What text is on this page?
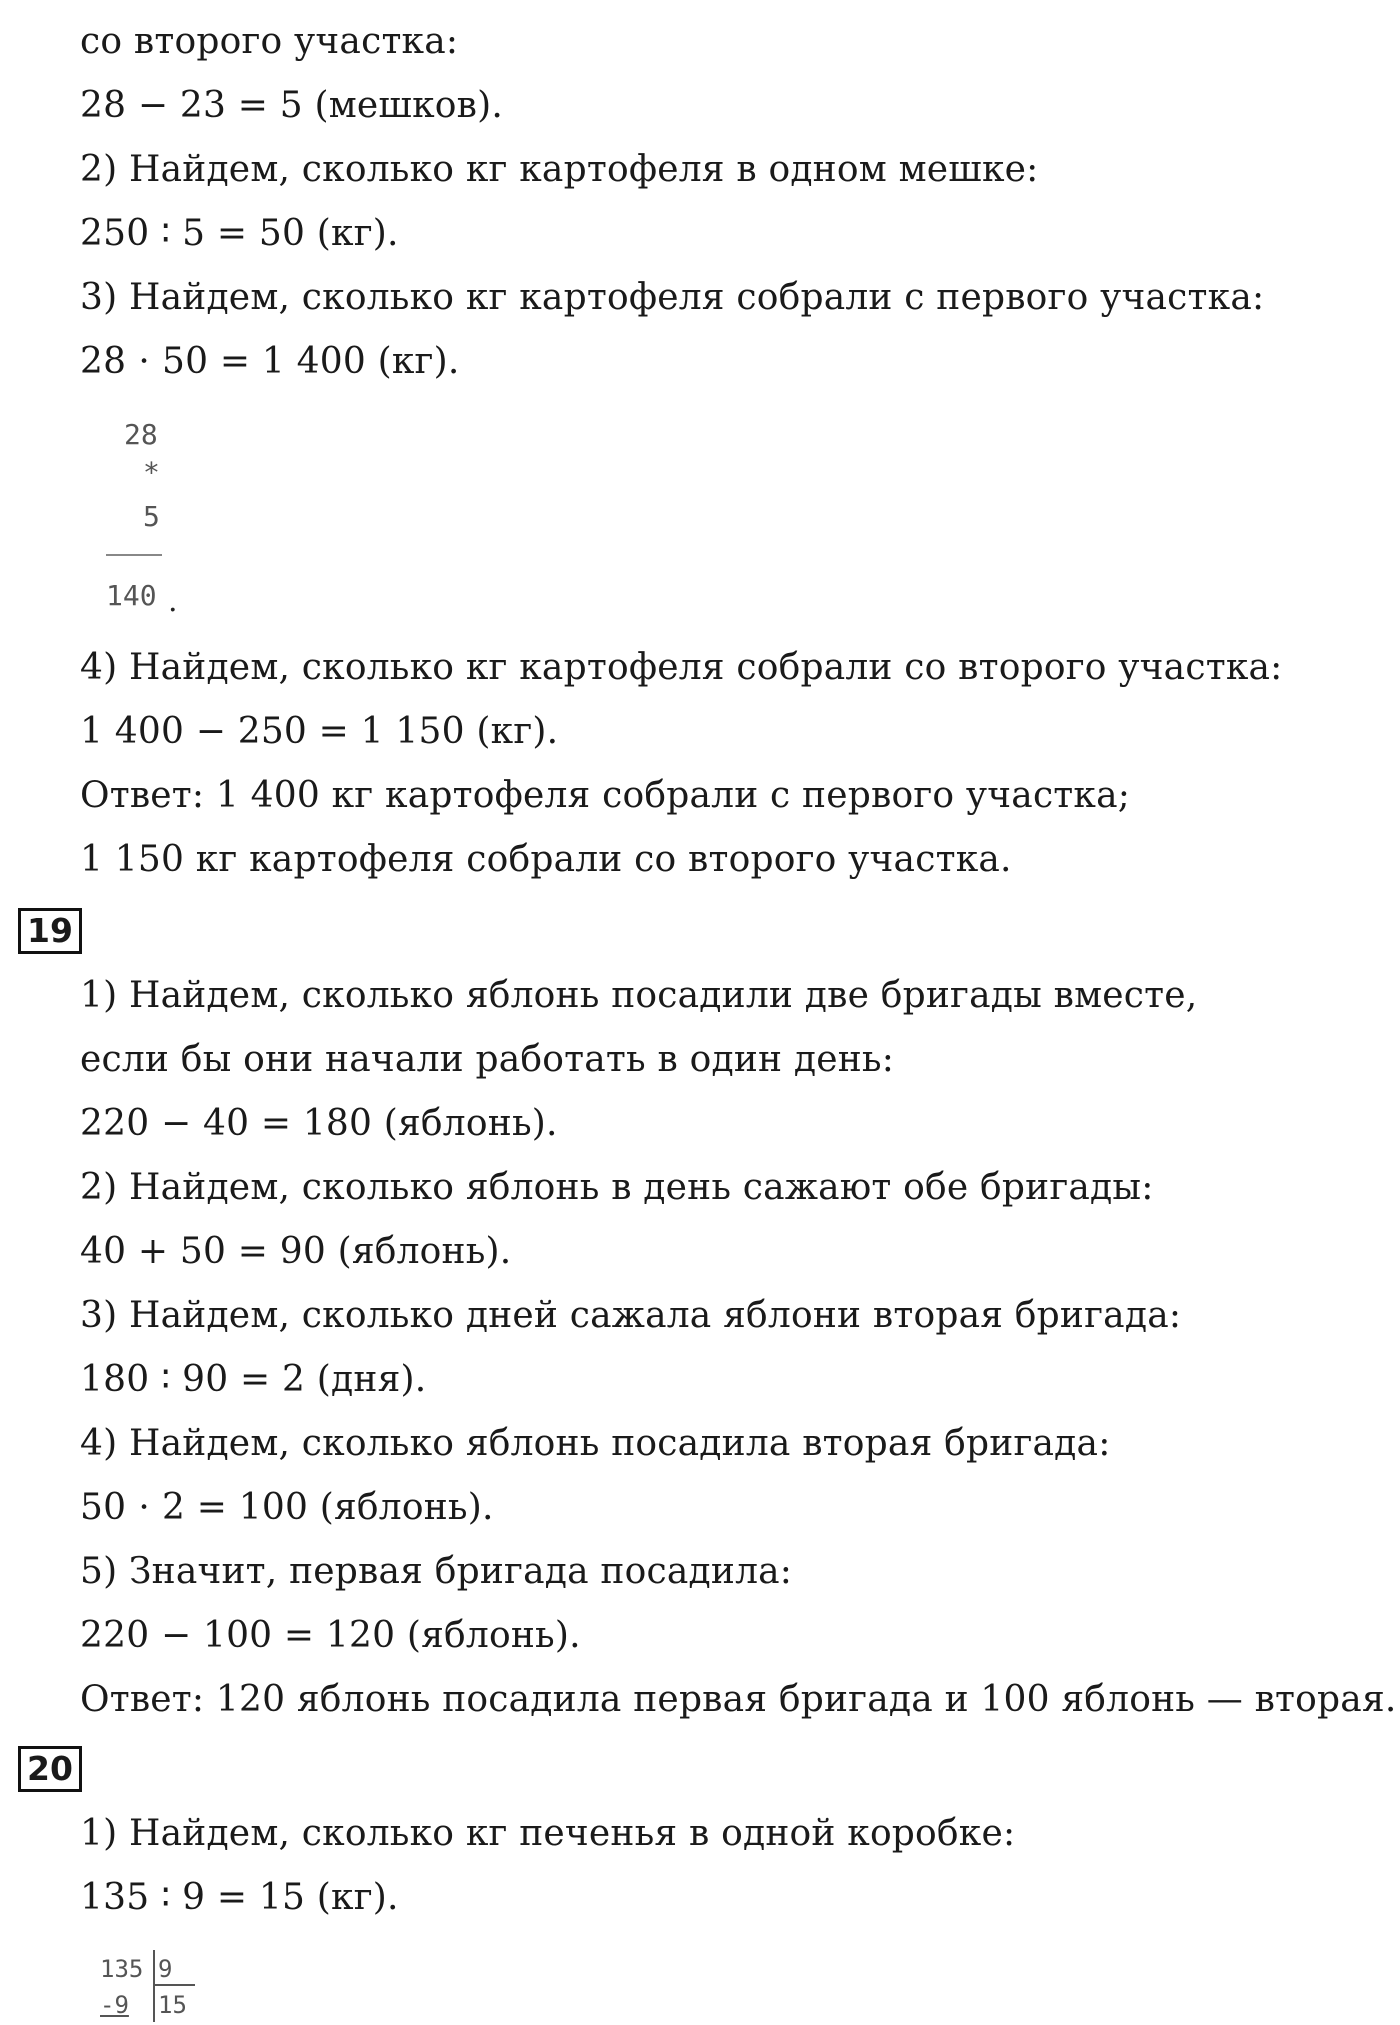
со второго участка:
28 − 23 = 5 (мешков).
2) Найдем, сколько кг картофеля в одном мешке:
250 ∶ 5 = 50 (кг).
3) Найдем, сколько кг картофеля собрали с первого участка:
28 ⋅ 50 = 1 400 (кг).
28
*
5
140 .
4) Найдем, сколько кг картофеля собрали со второго участка:
1 400 − 250 = 1 150 (кг).
Ответ: 1 400 кг картофеля собрали с первого участка;
1 150 кг картофеля собрали со второго участка.
19
1) Найдем, сколько яблонь посадили две бригады вместе,
если бы они начали работать в один день:
220 − 40 = 180 (яблонь).
2) Найдем, сколько яблонь в день сажают обе бригады:
40 + 50 = 90 (яблонь).
3) Найдем, сколько дней сажала яблони вторая бригада:
180 ∶ 90 = 2 (дня).
4) Найдем, сколько яблонь посадила вторая бригада:
50 ⋅ 2 = 100 (яблонь).
5) Значит, первая бригада посадила:
220 − 100 = 120 (яблонь).
Ответ: 120 яблонь посадила первая бригада и 100 яблонь — вторая.
20
1) Найдем, сколько кг печенья в одной коробке:
135 ∶ 9 = 15 (кг).
135 9
-9 15
